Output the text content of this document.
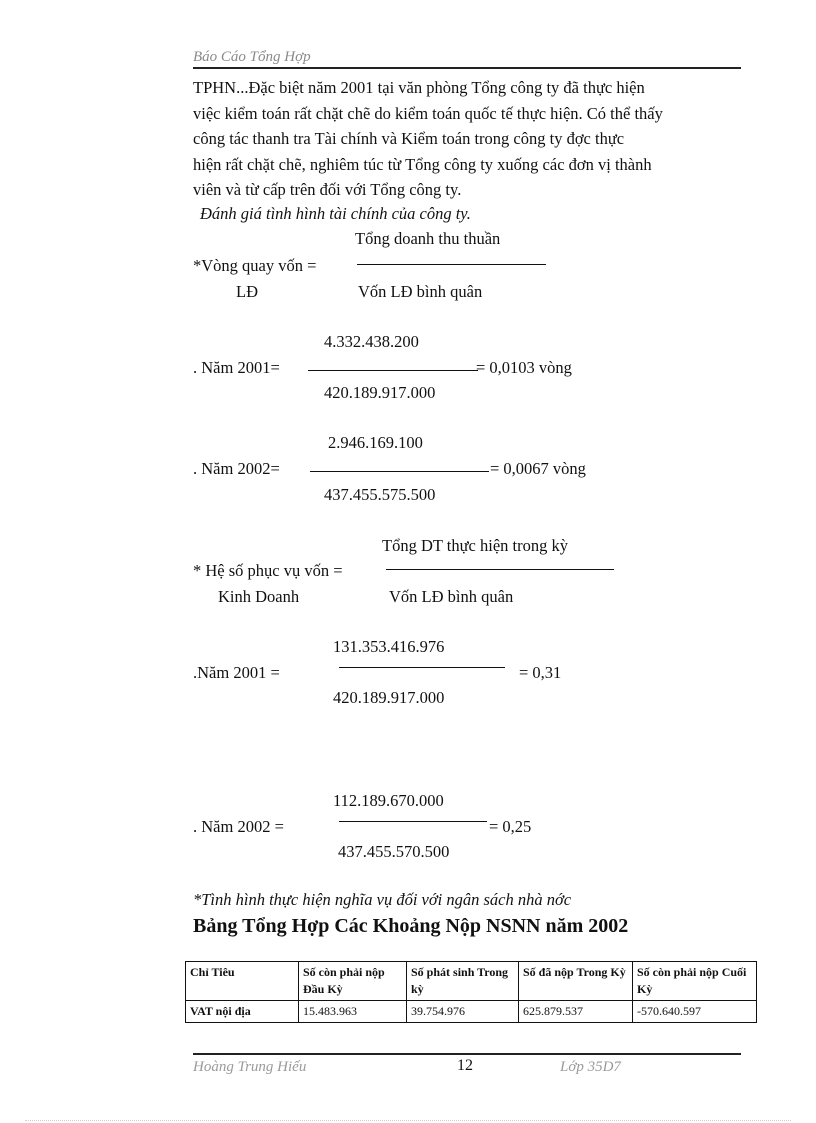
Báo Cáo Tổng Hợp

TPHN...Đặc biệt năm 2001 tại văn phòng Tổng công ty đã thực hiện

việc kiểm toán rất chặt chẽ do kiểm toán quốc tế thực hiện. Có thể thấy

công tác thanh tra Tài chính và Kiểm toán trong công ty đợc thực

hiện rất chặt chẽ, nghiêm túc từ Tổng công ty xuống các đơn vị thành

viên và từ cấp trên đối với Tổng công ty.

Đánh giá tình hình tài chính của công ty.
Tổng doanh thu thuần
*Vòng quay vốn =
LĐ	Vốn LĐ bình quân
4.332.438.200
. Năm 2001=	= 0,0103 vòng
420.189.917.000
2.946.169.100
. Năm 2002=	= 0,0067 vòng
437.455.575.500
Tổng DT thực hiện trong kỳ
* Hệ số phục vụ vốn =
Kinh Doanh	Vốn LĐ bình quân
131.353.416.976
.Năm 2001 =	= 0,31
420.189.917.000
112.189.670.000
. Năm 2002 =	= 0,25
437.455.570.500
*Tình hình thực hiện nghĩa vụ đối với ngân sách nhà nớc
Bảng Tổng Hợp Các Khoảng Nộp NSNN năm 2002
Chỉ Tiêu	Số còn phải nộp Đầu Kỳ	Số phát sinh Trong kỳ	Số đã nộp Trong Kỳ	Số còn phải nộp Cuối Kỳ
VAT nội địa	15.483.963	39.754.976	625.879.537	-570.640.597
Hoàng Trung Hiếu	12	Lớp 35D7
